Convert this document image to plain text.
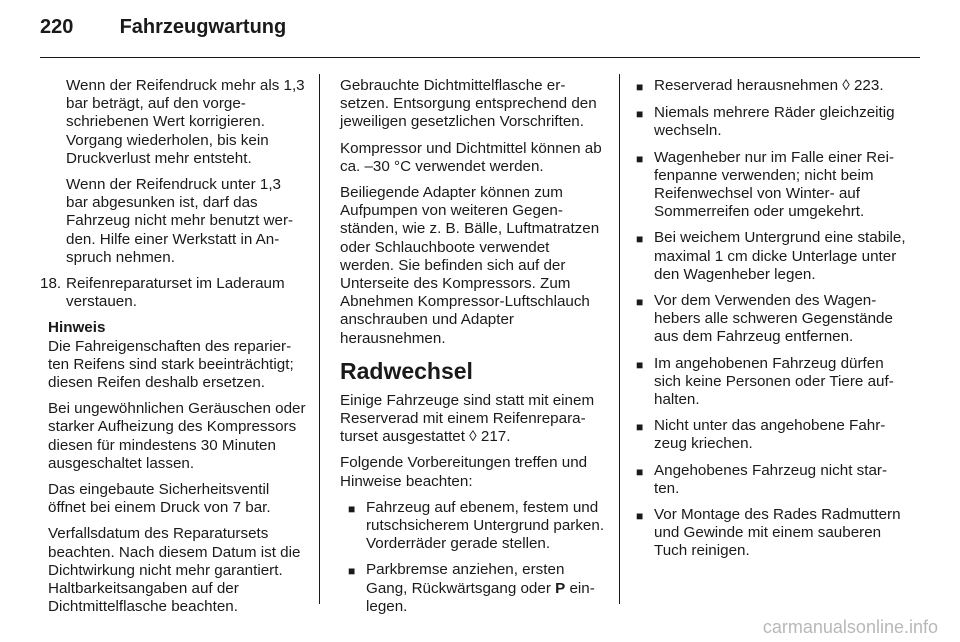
220 Fahrzeugwartung

Wenn der Reifendruck mehr als 1,3 bar beträgt, auf den vorgeschriebenen Wert korrigieren. Vorgang wiederholen, bis kein Druckverlust mehr entsteht.

Wenn der Reifendruck unter 1,3 bar abgesunken ist, darf das Fahrzeug nicht mehr benutzt werden. Hilfe einer Werkstatt in Anspruch nehmen.

18. Reifenreparaturset im Laderaum verstauen.
Hinweis

Die Fahreigenschaften des reparierten Reifens sind stark beeinträchtigt; diesen Reifen deshalb ersetzen.

Bei ungewöhnlichen Geräuschen oder starker Aufheizung des Kompressors diesen für mindestens 30 Minuten ausgeschaltet lassen.

Das eingebaute Sicherheitsventil öffnet bei einem Druck von 7 bar.

Verfallsdatum des Reparatursets beachten. Nach diesem Datum ist die Dichtwirkung nicht mehr garantiert. Haltbarkeitsangaben auf der Dichtmittelflasche beachten.

Gebrauchte Dichtmittelflasche ersetzen. Entsorgung entsprechend den jeweiligen gesetzlichen Vorschriften.

Kompressor und Dichtmittel können ab ca. –30 °C verwendet werden.

Beiliegende Adapter können zum Aufpumpen von weiteren Gegenständen, wie z. B. Bälle, Luftmatratzen oder Schlauchboote verwendet werden. Sie befinden sich auf der Unterseite des Kompressors. Zum Abnehmen Kompressor-Luftschlauch anschrauben und Adapter herausnehmen.

Radwechsel

Einige Fahrzeuge sind statt mit einem Reserverad mit einem Reifenreparaturset ausgestattet ◊ 217.

Folgende Vorbereitungen treffen und Hinweise beachten:

■ Fahrzeug auf ebenem, festem und rutschsicherem Untergrund parken. Vorderräder gerade stellen.
■ Parkbremse anziehen, ersten Gang, Rückwärtsgang oder P einlegen.
■ Reserverad herausnehmen ◊ 223.
■ Niemals mehrere Räder gleichzeitig wechseln.
■ Wagenheber nur im Falle einer Reifenpanne verwenden; nicht beim Reifenwechsel von Winter- auf Sommerreifen oder umgekehrt.
■ Bei weichem Untergrund eine stabile, maximal 1 cm dicke Unterlage unter den Wagenheber legen.
■ Vor dem Verwenden des Wagenhebers alle schweren Gegenstände aus dem Fahrzeug entfernen.
■ Im angehobenen Fahrzeug dürfen sich keine Personen oder Tiere aufhalten.
■ Nicht unter das angehobene Fahrzeug kriechen.
■ Angehobenes Fahrzeug nicht starten.
■ Vor Montage des Rades Radmuttern und Gewinde mit einem sauberen Tuch reinigen.
carmanualsonline.info
